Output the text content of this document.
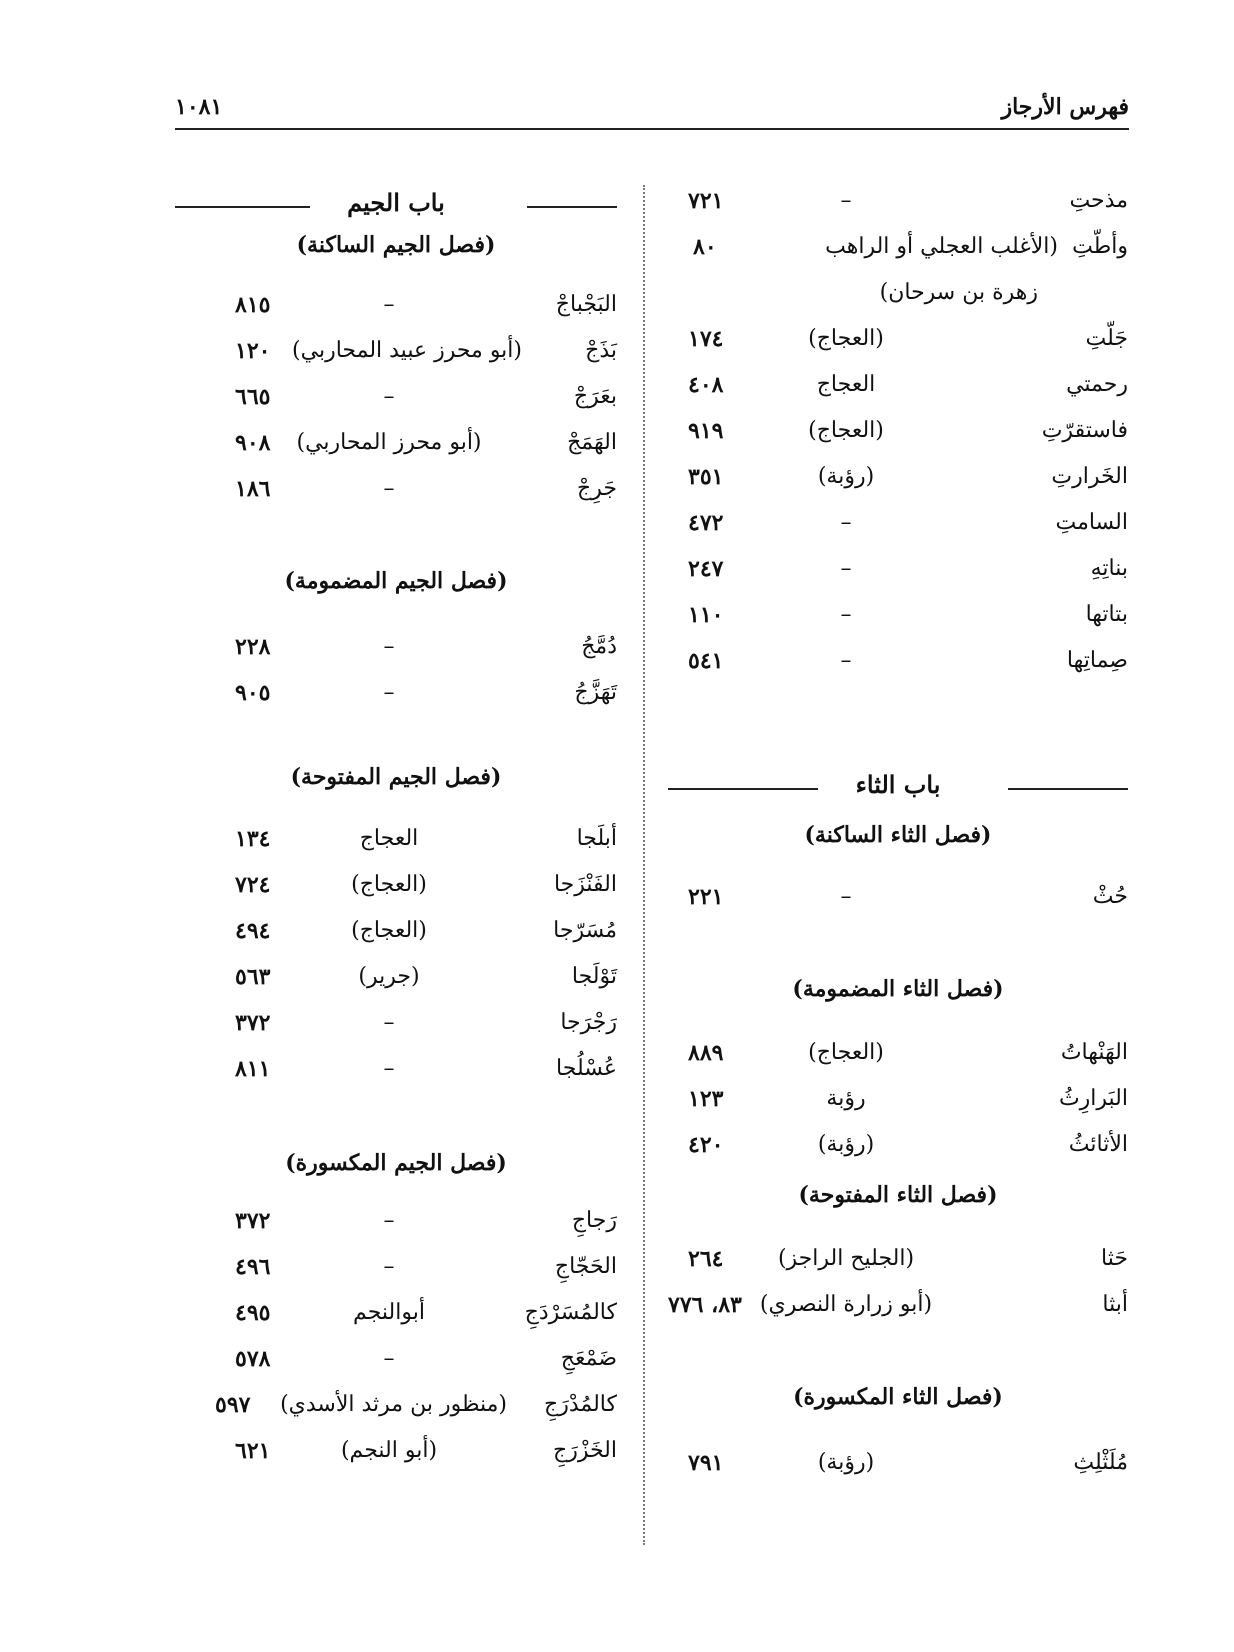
فهرس الأرجاز
١٠٨١
مذحتِ
–
٧٢١
وأطّتِ
(الأغلب العجلي أو الراهب
٨٠
زهرة بن سرحان)
جَلّتِ
(العجاج)
١٧٤
رحمتي
العجاج
٤٠٨
فاستقرّتِ
(العجاج)
٩١٩
الخَرارتِ
(رؤبة)
٣٥١
السامتِ
–
٤٧٢
بناتِهِ
–
٢٤٧
بتاتها
–
١١٠
صِماتِها
–
٥٤١
باب الثاء
(فصل الثاء الساكنة)
حُثْ
–
٢٢١
(فصل الثاء المضمومة)
الهَنْهاتُ
(العجاج)
٨٨٩
البَرارِثُ
رؤبة
١٢٣
الأثائثُ
(رؤبة)
٤٢٠
(فصل الثاء المفتوحة)
حَثا
(الجليح الراجز)
٢٦٤
أبثا
(أبو زرارة النصري)
٨٣، ٧٧٦
(فصل الثاء المكسورة)
مُلَثْلِثِ
(رؤبة)
٧٩١
باب الجيم
(فصل الجيم الساكنة)
البَجْباجْ
–
٨١٥
بَذَجْ
(أبو محرز عبيد المحاربي)
١٢٠
بعَرَجْ
–
٦٦٥
الهَمَجْ
(أبو محرز المحاربي)
٩٠٨
جَرِجْ
–
١٨٦
(فصل الجيم المضمومة)
دُمَّجُ
–
٢٢٨
تَهَزَّجُ
–
٩٠٥
(فصل الجيم المفتوحة)
أبلَجا
العجاج
١٣٤
الفَنْزَجا
(العجاج)
٧٢٤
مُسَرّجا
(العجاج)
٤٩٤
تَوْلَجا
(جرير)
٥٦٣
رَجْرَجا
–
٣٧٢
عُسْلُجا
–
٨١١
(فصل الجيم المكسورة)
رَجاجِ
–
٣٧٢
الحَجّاجِ
–
٤٩٦
كالمُسَرْدَجِ
أبوالنجم
٤٩٥
ضَمْعَجِ
–
٥٧٨
كالمُدْرَجِ
(منظور بن مرثد الأسدي)
٥٩٧
الخَزْرَجِ
(أبو النجم)
٦٢١
